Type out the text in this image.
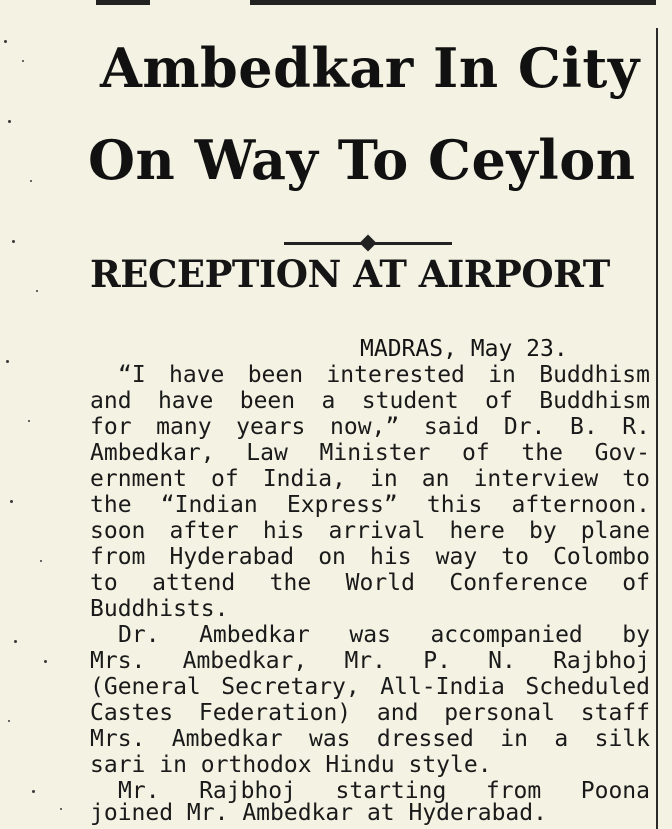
Ambedkar In City
On Way To Ceylon
RECEPTION AT AIRPORT
MADRAS, May 23.
“I have been interested in Buddhism
and have been a student of Buddhism
for many years now,” said Dr. B. R.
Ambedkar, Law Minister of the Gov-
ernment of India, in an interview to
the “Indian Express” this afternoon.
soon after his arrival here by plane
from Hyderabad on his way to Colombo
to attend the World Conference of
Buddhists.
Dr. Ambedkar was accompanied by
Mrs. Ambedkar, Mr. P. N. Rajbhoj
(General Secretary, All-India Scheduled
Castes Federation) and personal staff
Mrs. Ambedkar was dressed in a silk
sari in orthodox Hindu style.
Mr. Rajbhoj starting from Poona
joined Mr. Ambedkar at Hyderabad.
